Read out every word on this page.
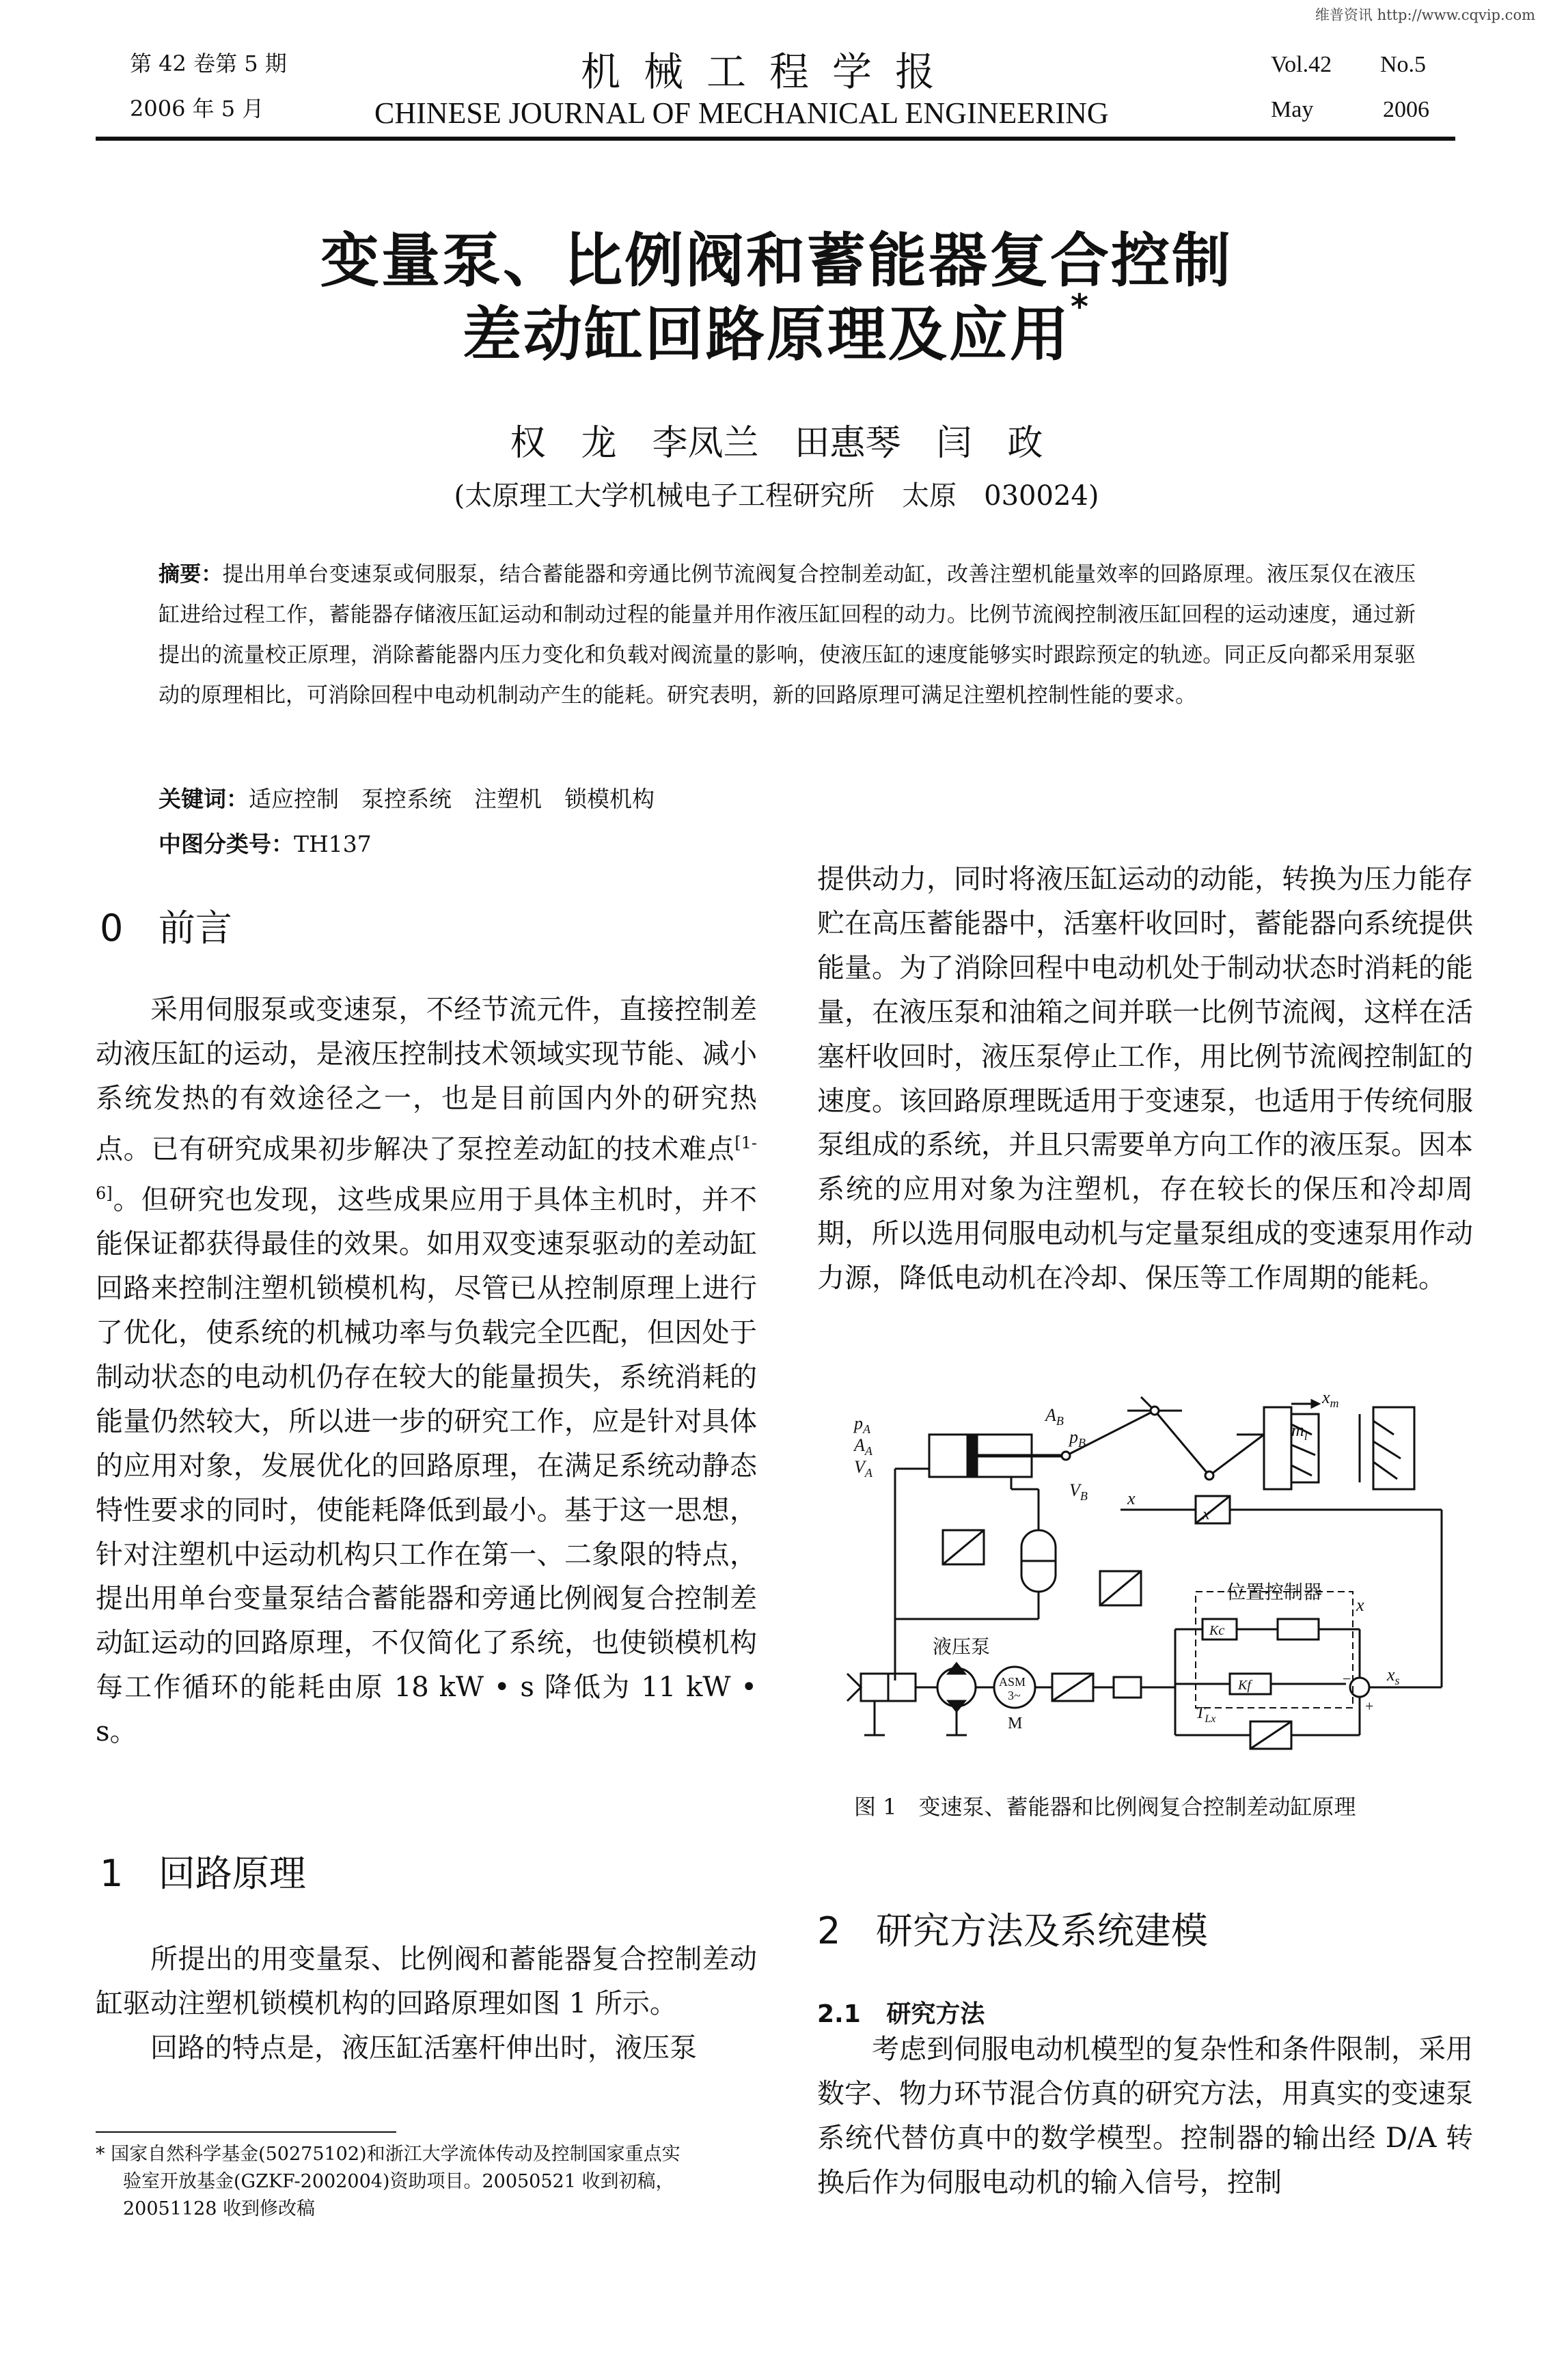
维普资讯 http://www.cqvip.com
第 42 卷第 5 期
2006 年 5 月
机械工程学报
CHINESE JOURNAL OF MECHANICAL ENGINEERING
Vol.42 No.5
May	2006
变量泵、比例阀和蓄能器复合控制
差动缸回路原理及应用*
权　龙　李凤兰　田惠琴　闫　政
(太原理工大学机械电子工程研究所　太原　030024)
摘要：提出用单台变速泵或伺服泵，结合蓄能器和旁通比例节流阀复合控制差动缸，改善注塑机能量效率的回路原理。液压泵仅在液压缸进给过程工作，蓄能器存储液压缸运动和制动过程的能量并用作液压缸回程的动力。比例节流阀控制液压缸回程的运动速度，通过新提出的流量校正原理，消除蓄能器内压力变化和负载对阀流量的影响，使液压缸的速度能够实时跟踪预定的轨迹。同正反向都采用泵驱动的原理相比，可消除回程中电动机制动产生的能耗。研究表明，新的回路原理可满足注塑机控制性能的要求。
关键词：适应控制　泵控系统　注塑机　锁模机构
中图分类号：TH137
0 前言

采用伺服泵或变速泵，不经节流元件，直接控制差动液压缸的运动，是液压控制技术领域实现节能、减小系统发热的有效途径之一，也是目前国内外的研究热点。已有研究成果初步解决了泵控差动缸的技术难点[1-6]。但研究也发现，这些成果应用于具体主机时，并不能保证都获得最佳的效果。如用双变速泵驱动的差动缸回路来控制注塑机锁模机构，尽管已从控制原理上进行了优化，使系统的机械功率与负载完全匹配，但因处于制动状态的电动机仍存在较大的能量损失，系统消耗的能量仍然较大，所以进一步的研究工作，应是针对具体的应用对象，发展优化的回路原理，在满足系统动静态特性要求的同时，使能耗降低到最小。基于这一思想，针对注塑机中运动机构只工作在第一、二象限的特点，提出用单台变量泵结合蓄能器和旁通比例阀复合控制差动缸运动的回路原理，不仅简化了系统，也使锁模机构每工作循环的能耗由原 18 kW • s 降低为 11 kW • s。

1 回路原理

所提出的用变量泵、比例阀和蓄能器复合控制差动缸驱动注塑机锁模机构的回路原理如图 1 所示。

回路的特点是，液压缸活塞杆伸出时，液压泵

* 国家自然科学基金(50275102)和浙江大学流体传动及控制国家重点实
验室开放基金(GZKF-2002004)资助项目。20050521 收到初稿，
20051128 收到修改稿

提供动力，同时将液压缸运动的动能，转换为压力能存贮在高压蓄能器中，活塞杆收回时，蓄能器向系统提供能量。为了消除回程中电动机处于制动状态时消耗的能量，在液压泵和油箱之间并联一比例节流阀，这样在活塞杆收回时，液压泵停止工作，用比例节流阀控制缸的速度。该回路原理既适用于变速泵，也适用于传统伺服泵组成的系统，并且只需要单方向工作的液压泵。因本系统的应用对象为注塑机，存在较长的保压和冷却周期，所以选用伺服电动机与定量泵组成的变速泵用作动力源，降低电动机在冷却、保压等工作周期的能耗。

$p_A$
$A_A$
$V_A$
$A_B$
$p_B$
$V_B$
$m_l$
$x_m$
x
x
x
$x_s$
液压泵
ASM
3~
M
位置控制器
Kc
Kf
$T_{Lx}$
−
+
图 1　变速泵、蓄能器和比例阀复合控制差动缸原理
2 研究方法及系统建模
2.1 研究方法

考虑到伺服电动机模型的复杂性和条件限制，采用数字、物力环节混合仿真的研究方法，用真实的变速泵系统代替仿真中的数学模型。控制器的输出经 D/A 转换后作为伺服电动机的输入信号，控制
